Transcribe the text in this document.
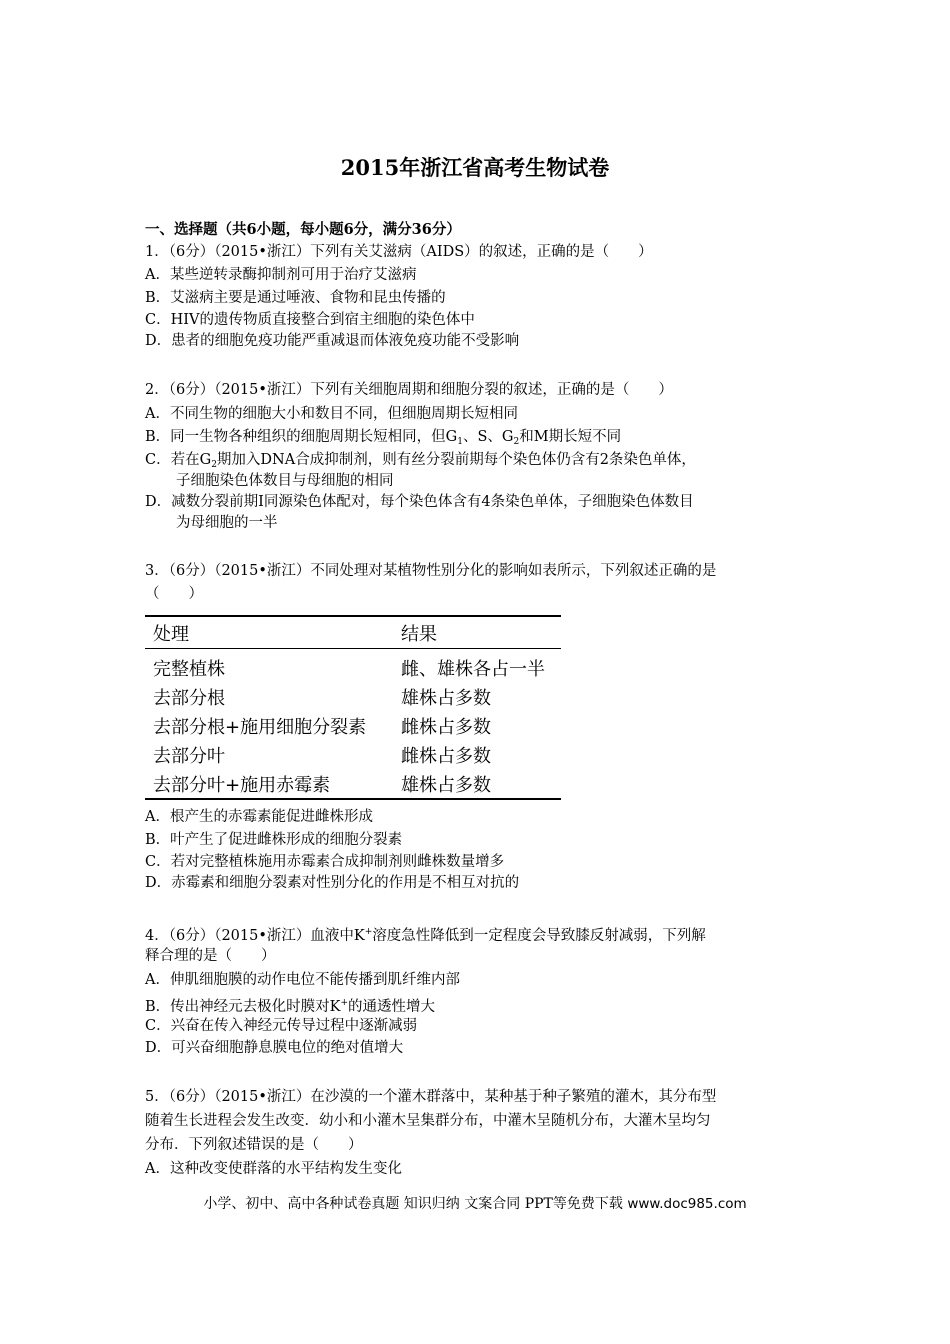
2015年浙江省高考生物试卷
一、选择题（共6小题，每小题6分，满分36分）
1．（6分）（2015•浙江）下列有关艾滋病（AIDS）的叙述，正确的是（　　）
A．某些逆转录酶抑制剂可用于治疗艾滋病
B．艾滋病主要是通过唾液、食物和昆虫传播的
C．HIV的遗传物质直接整合到宿主细胞的染色体中
D．患者的细胞免疫功能严重减退而体液免疫功能不受影响
2．（6分）（2015•浙江）下列有关细胞周期和细胞分裂的叙述，正确的是（　　）
A．不同生物的细胞大小和数目不同，但细胞周期长短相同
B．同一生物各种组织的细胞周期长短相同，但$G_1$、S、$G_2$和M期长短不同
C．若在$G_2$期加入DNA合成抑制剂，则有丝分裂前期每个染色体仍含有2条染色单体，
子细胞染色体数目与母细胞的相同
D．减数分裂前期Ⅰ同源染色体配对，每个染色体含有4条染色单体，子细胞染色体数目
为母细胞的一半
3．（6分）（2015•浙江）不同处理对某植物性别分化的影响如表所示，下列叙述正确的是
（　　）
处理	结果
完整植株	雌、雄株各占一半
去部分根	雄株占多数
去部分根+施用细胞分裂素	雌株占多数
去部分叶	雌株占多数
去部分叶+施用赤霉素	雄株占多数
A．根产生的赤霉素能促进雌株形成
B．叶产生了促进雌株形成的细胞分裂素
C．若对完整植株施用赤霉素合成抑制剂则雌株数量增多
D．赤霉素和细胞分裂素对性别分化的作用是不相互对抗的
4．（6分）（2015•浙江）血液中K+溶度急性降低到一定程度会导致膝反射减弱，下列解
释合理的是（　　）
A．伸肌细胞膜的动作电位不能传播到肌纤维内部
B．传出神经元去极化时膜对K+的通透性增大
C．兴奋在传入神经元传导过程中逐渐减弱
D．可兴奋细胞静息膜电位的绝对值增大
5．（6分）（2015•浙江）在沙漠的一个灌木群落中，某种基于种子繁殖的灌木，其分布型
随着生长进程会发生改变．幼小和小灌木呈集群分布，中灌木呈随机分布，大灌木呈均匀
分布．下列叙述错误的是（　　）
A．这种改变使群落的水平结构发生变化
小学、初中、高中各种试卷真题 知识归纳 文案合同 PPT等免费下载 www.doc985.com
